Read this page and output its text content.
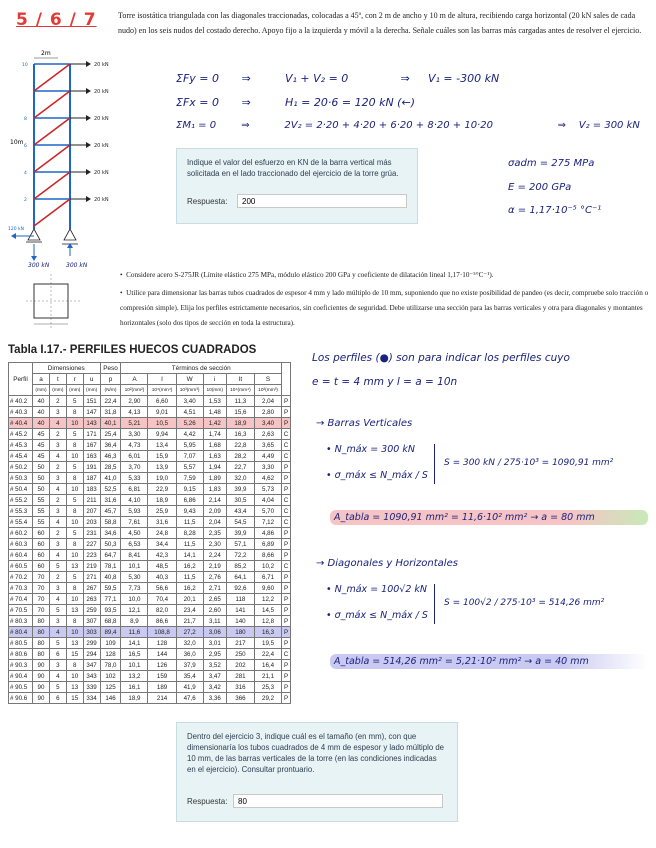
5 / 6 / 7	Torre isostática triangulada con las diagonales traccionadas, colocadas a 45º, con 2 m de ancho y 10 m de altura, recibiendo carga horizontal (20 kN sales de cada nudo) en los seis nudos del costado derecho. Apoyo fijo a la izquierda y móvil a la derecha. Señale cuáles son las barras más cargadas antes de resolver el ejercicio.
2m
20 kN
20 kN
20 kN
20 kN
20 kN
20 kN
10
8
6
4
2
10m
120 kN
300 kN	300 kN
ΣFy = 0 ⇒	V₁ + V₂ = 0	⇒ V₁ = -300 kN
ΣFx = 0 ⇒	H₁ = 20·6 = 120 kN (←)
ΣM₁ = 0	⇒	2V₂ = 2·20 + 4·20 + 6·20 + 8·20 + 10·20	⇒ V₂ = 300 kN

Indique el valor del esfuerzo en KN de la barra vertical más solicitada en el lado traccionado del ejercicio de la torre grúa.

Respuesta:
200
σadm = 275 MPa
E = 200 GPa
α = 1,17·10⁻⁵ °C⁻¹
•  Considere acero S-275JR (Límite elástico 275 MPa, módulo elástico 200 GPa y coeficiente de dilatación lineal 1,17·10⁻⁵°C⁻¹).
•  Utilice para dimensionar las barras tubos cuadrados de espesor 4 mm y lado múltiplo de 10 mm, suponiendo que no existe posibilidad de pandeo (es decir, compruebe solo tracción o compresión simple). Elija los perfiles estrictamente necesarios, sin coeficientes de seguridad. Debe utilizarse una sección para las barras verticales y otra para diagonales y montantes horizontales (solo dos tipos de sección en toda la estructura).
Tabla I.17.- PERFILES HUECOS CUADRADOS
Perfil	Dimensiones				Peso	Términos de sección						
	a	t	r	u	p	A	I	W	i	It	S	
	(mm)	(mm)	(mm)	(mm)	(N/m)	10²(mm²)	10⁴(mm⁴)	10³(mm³)	10(mm)	10⁴(mm⁴)	10³(mm³)	
# 40.2	40	2	5	151	22,4	2,90	6,60	3,40	1,53	11,3	2,04	P
# 40.3	40	3	8	147	31,8	4,13	9,01	4,51	1,48	15,6	2,80	P
# 40.4	40	4	10	143	40,1	5,21	10,5	5,26	1,42	18,9	3,40	P
# 45.2	45	2	5	171	25,4	3,30	9,94	4,42	1,74	16,3	2,63	C
# 45.3	45	3	8	167	36,4	4,73	13,4	5,95	1,68	22,8	3,65	C
# 45.4	45	4	10	163	46,3	6,01	15,9	7,07	1,63	28,2	4,49	C
# 50.2	50	2	5	191	28,5	3,70	13,9	5,57	1,94	22,7	3,30	P
# 50.3	50	3	8	187	41,0	5,33	19,0	7,59	1,89	32,0	4,62	P
# 50.4	50	4	10	183	52,5	6,81	22,9	9,15	1,83	39,9	5,73	P
# 55.2	55	2	5	211	31,6	4,10	18,9	6,86	2,14	30,5	4,04	C
# 55.3	55	3	8	207	45,7	5,93	25,9	9,43	2,09	43,4	5,70	C
# 55.4	55	4	10	203	58,8	7,61	31,6	11,5	2,04	54,5	7,12	C
# 60.2	60	2	5	231	34,6	4,50	24,8	8,28	2,35	39,9	4,86	P
# 60.3	60	3	8	227	50,3	6,53	34,4	11,5	2,30	57,1	6,89	P
# 60.4	60	4	10	223	64,7	8,41	42,3	14,1	2,24	72,2	8,66	P
# 60.5	60	5	13	219	78,1	10,1	48,5	16,2	2,19	85,2	10,2	C
# 70.2	70	2	5	271	40,8	5,30	40,3	11,5	2,76	64,1	6,71	P
# 70.3	70	3	8	267	59,5	7,73	56,6	16,2	2,71	92,6	9,60	P
# 70.4	70	4	10	263	77,1	10,0	70,4	20,1	2,65	118	12,2	P
# 70.5	70	5	13	259	93,5	12,1	82,0	23,4	2,60	141	14,5	P
# 80.3	80	3	8	307	68,8	8,9	86,6	21,7	3,11	140	12,8	P
# 80.4	80	4	10	303	89,4	11,6	108,8	27,2	3,06	180	16,3	P
# 80.5	80	5	13	299	109	14,1	128	32,0	3,01	217	19,5	P
# 80.6	80	6	15	294	128	16,5	144	36,0	2,95	250	22,4	C
# 90.3	90	3	8	347	78,0	10,1	126	37,9	3,52	202	16,4	P
# 90.4	90	4	10	343	102	13,2	159	35,4	3,47	281	21,1	P
# 90.5	90	5	13	339	125	16,1	189	41,9	3,42	316	25,3	P
# 90.6	90	6	15	334	146	18,9	214	47,6	3,36	366	29,2	P
Los perfiles (●) son para indicar los perfiles cuyo
e = t = 4 mm y l = a = 10n
→ Barras Verticales
• N_máx = 300 kN
• σ_máx ≤ N_máx / S
S = 300 kN / 275·10³ = 1090,91 mm²
A_tabla = 1090,91 mm² = 11,6·10² mm² → a = 80 mm
→ Diagonales y Horizontales
• N_máx = 100√2 kN
• σ_máx ≤ N_máx / S
S = 100√2 / 275·10³ = 514,26 mm²
A_tabla = 514,26 mm² = 5,21·10² mm² → a = 40 mm

Dentro del ejercicio 3, indique cuál es el tamaño (en mm), con que dimensionaría los tubos cuadrados de 4 mm de espesor y lado múltiplo de 10 mm, de las barras verticales de la torre (en las condiciones indicadas en el ejercicio). Consultar prontuario.

Respuesta:
80
